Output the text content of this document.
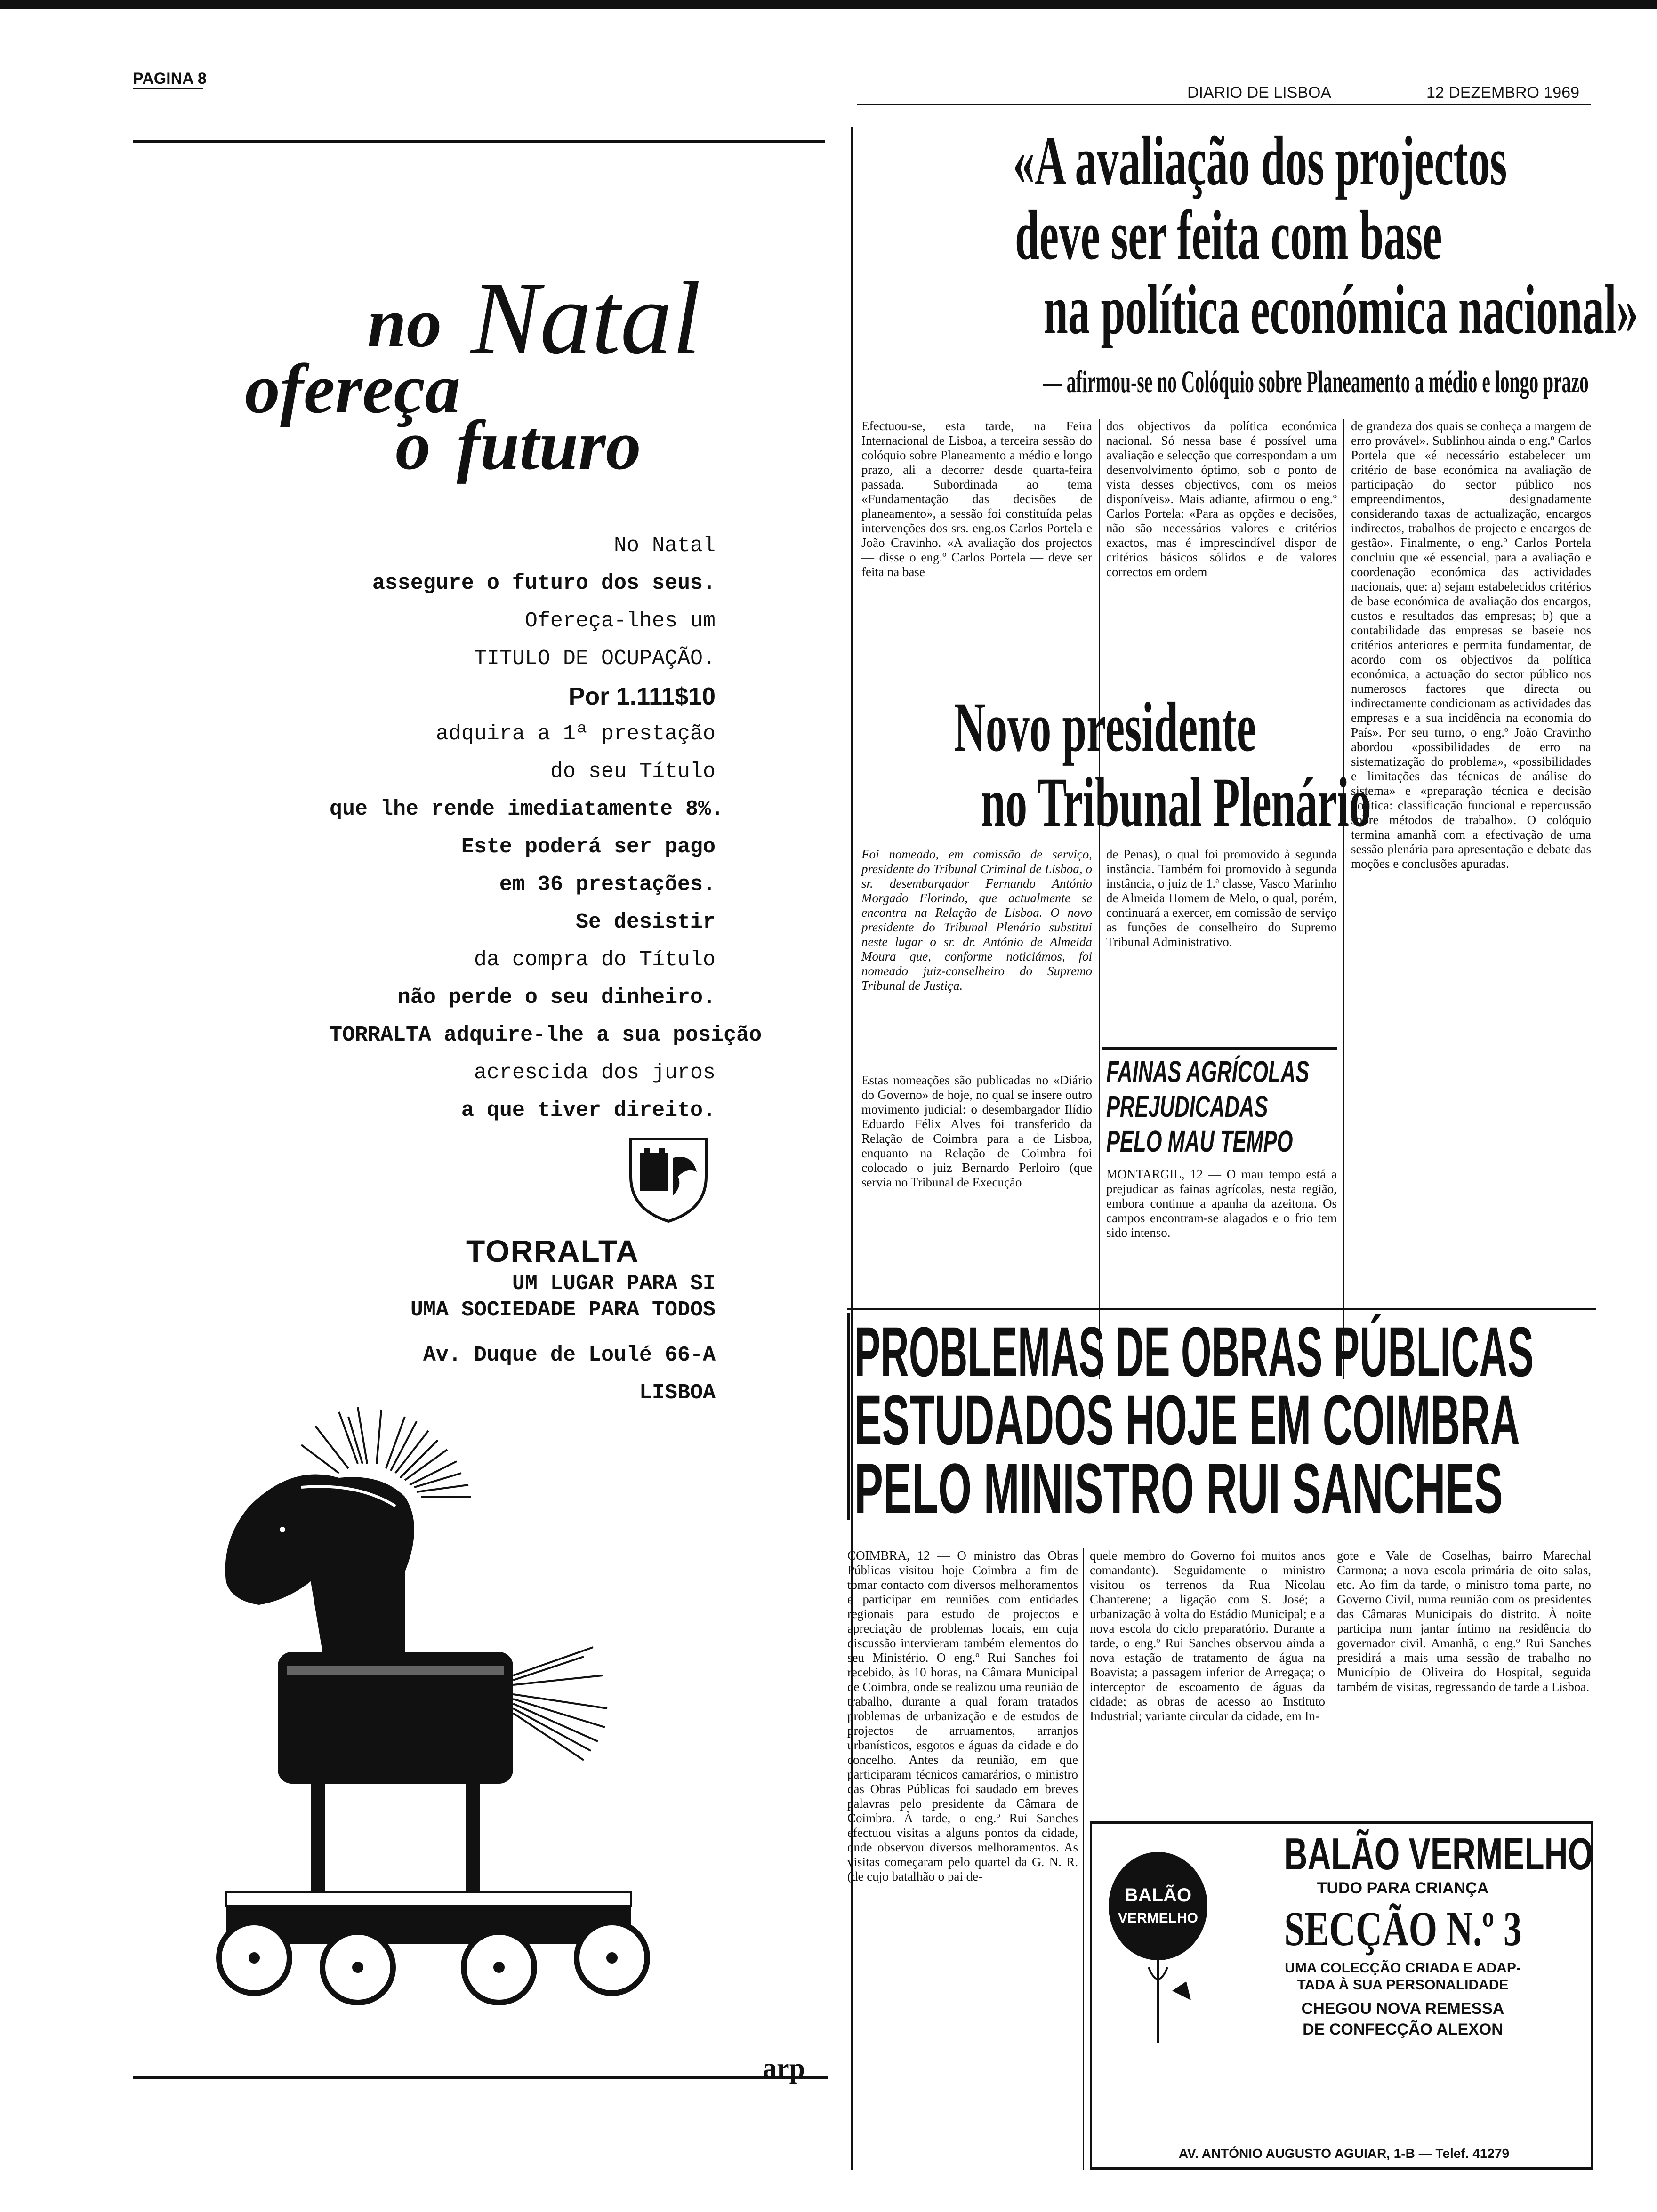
PAGINA 8
DIARIO DE LISBOA	12 DEZEMBRO 1969
no Natal
ofereça
o futuro
No Natal
assegure o futuro dos seus.
Ofereça-lhes um
TITULO DE OCUPAÇÃO.
Por 1.111$10
adquira a 1ª prestação
do seu Título
que lhe rende imediatamente 8%.
Este poderá ser pago
em 36 prestações.
Se desistir
da compra do Título
não perde o seu dinheiro.
TORRALTA adquire-lhe a sua posição
acrescida dos juros
a que tiver direito.
TORRALTA
UM LUGAR PARA SI
UMA SOCIEDADE PARA TODOS
Av. Duque de Loulé 66-A
LISBOA
arp
«A avaliação dos projectos
deve ser feita com base
na política económica nacional»
— afirmou-se no Colóquio sobre Planeamento a médio e longo prazo
Efectuou-se, esta tarde, na Feira Internacional de Lisboa, a terceira sessão do colóquio sobre Planeamento a médio e longo prazo, ali a decorrer desde quarta-feira passada. Subordinada ao tema «Fundamentação das decisões de planeamento», a sessão foi constituída pelas intervenções dos srs. eng.os Carlos Portela e João Cravinho. «A avaliação dos projectos — disse o eng.º Carlos Portela — deve ser feita na base
dos objectivos da política económica nacional. Só nessa base é possível uma avaliação e selecção que correspondam a um desenvolvimento óptimo, sob o ponto de vista desses objectivos, com os meios disponíveis». Mais adiante, afirmou o eng.º Carlos Portela: «Para as opções e decisões, não são necessários valores e critérios exactos, mas é imprescindível dispor de critérios básicos sólidos e de valores correctos em ordem
de grandeza dos quais se conheça a margem de erro provável». Sublinhou ainda o eng.º Carlos Portela que «é necessário estabelecer um critério de base económica na avaliação de participação do sector público nos empreendimentos, designadamente considerando taxas de actualização, encargos indirectos, trabalhos de projecto e encargos de gestão». Finalmente, o eng.º Carlos Portela concluiu que «é essencial, para a avaliação e coordenação económica das actividades nacionais, que: a) sejam estabelecidos critérios de base económica de avaliação dos encargos, custos e resultados das empresas; b) que a contabilidade das empresas se baseie nos critérios anteriores e permita fundamentar, de acordo com os objectivos da política económica, a actuação do sector público nos numerosos factores que directa ou indirectamente condicionam as actividades das empresas e a sua incidência na economia do País». Por seu turno, o eng.º João Cravinho abordou «possibilidades de erro na sistematização do problema», «possibilidades e limitações das técnicas de análise do sistema» e «preparação técnica e decisão política: classificação funcional e repercussão sobre métodos de trabalho». O colóquio termina amanhã com a efectivação de uma sessão plenária para apresentação e debate das moções e conclusões apuradas.
Novo presidente
no Tribunal Plenário
Foi nomeado, em comissão de serviço, presidente do Tribunal Criminal de Lisboa, o sr. desembargador Fernando António Morgado Florindo, que actualmente se encontra na Relação de Lisboa. O novo presidente do Tribunal Plenário substitui neste lugar o sr. dr. António de Almeida Moura que, conforme noticiámos, foi nomeado juiz-conselheiro do Supremo Tribunal de Justiça.
Estas nomeações são publicadas no «Diário do Governo» de hoje, no qual se insere outro movimento judicial: o desembargador Ilídio Eduardo Félix Alves foi transferido da Relação de Coimbra para a de Lisboa, enquanto na Relação de Coimbra foi colocado o juiz Bernardo Perloiro (que servia no Tribunal de Execução
de Penas), o qual foi promovido à segunda instância. Também foi promovido à segunda instância, o juiz de 1.ª classe, Vasco Marinho de Almeida Homem de Melo, o qual, porém, continuará a exercer, em comissão de serviço as funções de conselheiro do Supremo Tribunal Administrativo.
FAINAS AGRÍCOLAS
PREJUDICADAS
PELO MAU TEMPO
MONTARGIL, 12 — O mau tempo está a prejudicar as fainas agrícolas, nesta região, embora continue a apanha da azeitona. Os campos encontram-se alagados e o frio tem sido intenso.
PROBLEMAS DE OBRAS PÚBLICAS
ESTUDADOS HOJE EM COIMBRA
PELO MINISTRO RUI SANCHES
COIMBRA, 12 — O ministro das Obras Públicas visitou hoje Coimbra a fim de tomar contacto com diversos melhoramentos e participar em reuniões com entidades regionais para estudo de projectos e apreciação de problemas locais, em cuja discussão intervieram também elementos do seu Ministério. O eng.º Rui Sanches foi recebido, às 10 horas, na Câmara Municipal de Coimbra, onde se realizou uma reunião de trabalho, durante a qual foram tratados problemas de urbanização e de estudos de projectos de arruamentos, arranjos urbanísticos, esgotos e águas da cidade e do concelho. Antes da reunião, em que participaram técnicos camarários, o ministro das Obras Públicas foi saudado em breves palavras pelo presidente da Câmara de Coimbra. À tarde, o eng.º Rui Sanches efectuou visitas a alguns pontos da cidade, onde observou diversos melhoramentos. As visitas começaram pelo quartel da G. N. R. (de cujo batalhão o pai de-
quele membro do Governo foi muitos anos comandante). Seguidamente o ministro visitou os terrenos da Rua Nicolau Chanterene; a ligação com S. José; a urbanização à volta do Estádio Municipal; e a nova escola do ciclo preparatório. Durante a tarde, o eng.º Rui Sanches observou ainda a nova estação de tratamento de água na Boavista; a passagem inferior de Arregaça; o interceptor de escoamento de águas da cidade; as obras de acesso ao Instituto Industrial; variante circular da cidade, em In-
gote e Vale de Coselhas, bairro Marechal Carmona; a nova escola primária de oito salas, etc. Ao fim da tarde, o ministro toma parte, no Governo Civil, numa reunião com os presidentes das Câmaras Municipais do distrito. À noite participa num jantar íntimo na residência do governador civil. Amanhã, o eng.º Rui Sanches presidirá a mais uma sessão de trabalho no Município de Oliveira do Hospital, seguida também de visitas, regressando de tarde a Lisboa.
BALÃO
VERMELHO
BALÃO VERMELHO
TUDO PARA CRIANÇA
SECÇÃO N.º 3
UMA COLECÇÃO CRIADA E ADAP-
TADA À SUA PERSONALIDADE
CHEGOU NOVA REMESSA
DE CONFECÇÃO ALEXON
AV. ANTÓNIO AUGUSTO AGUIAR, 1-B — Telef. 41279
